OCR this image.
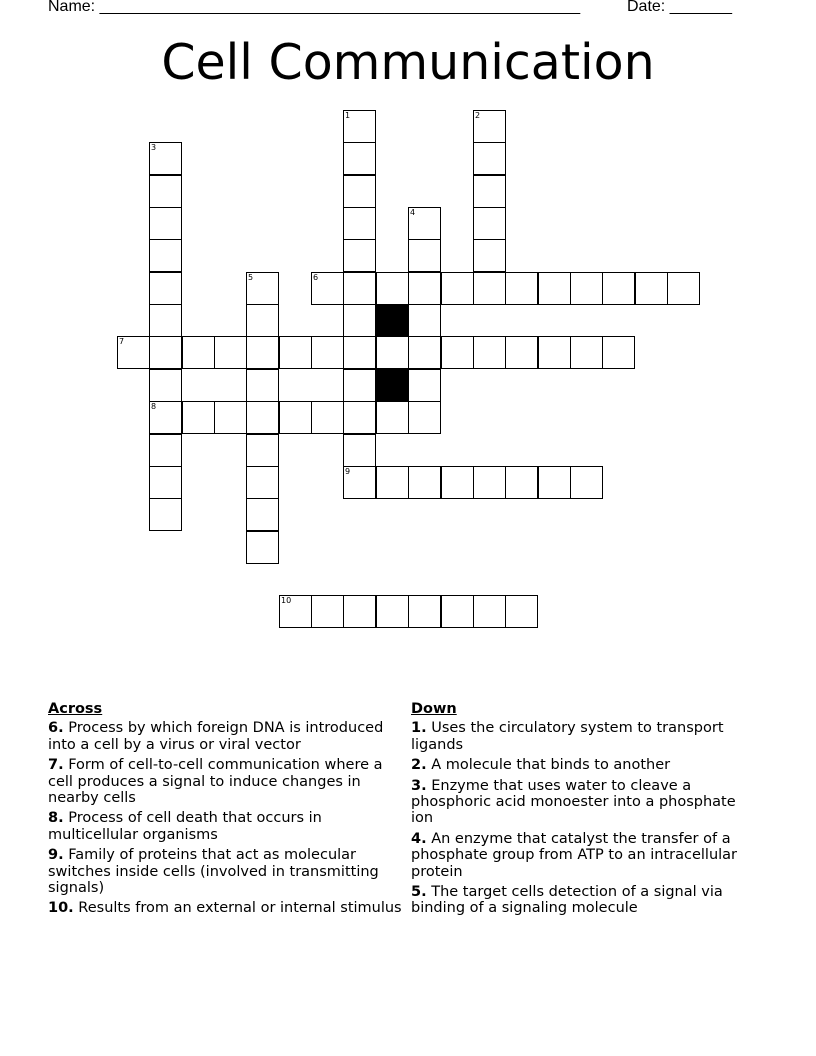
Name: ______________________________________________________	Date: _______
Cell Communication
1	2
3
8
4
5	6
7
9
10
Across
6. Process by which foreign DNA is introduced into a cell by a virus or viral vector
7. Form of cell-to-cell communication where a cell produces a signal to induce changes in nearby cells
8. Process of cell death that occurs in multicellular organisms
9. Family of proteins that act as molecular switches inside cells (involved in transmitting signals)
10. Results from an external or internal stimulus
Down
1. Uses the circulatory system to transport ligands
2. A molecule that binds to another
3. Enzyme that uses water to cleave a phosphoric acid monoester into a phosphate ion
4. An enzyme that catalyst the transfer of a phosphate group from ATP to an intracellular protein
5. The target cells detection of a signal via binding of a signaling molecule
